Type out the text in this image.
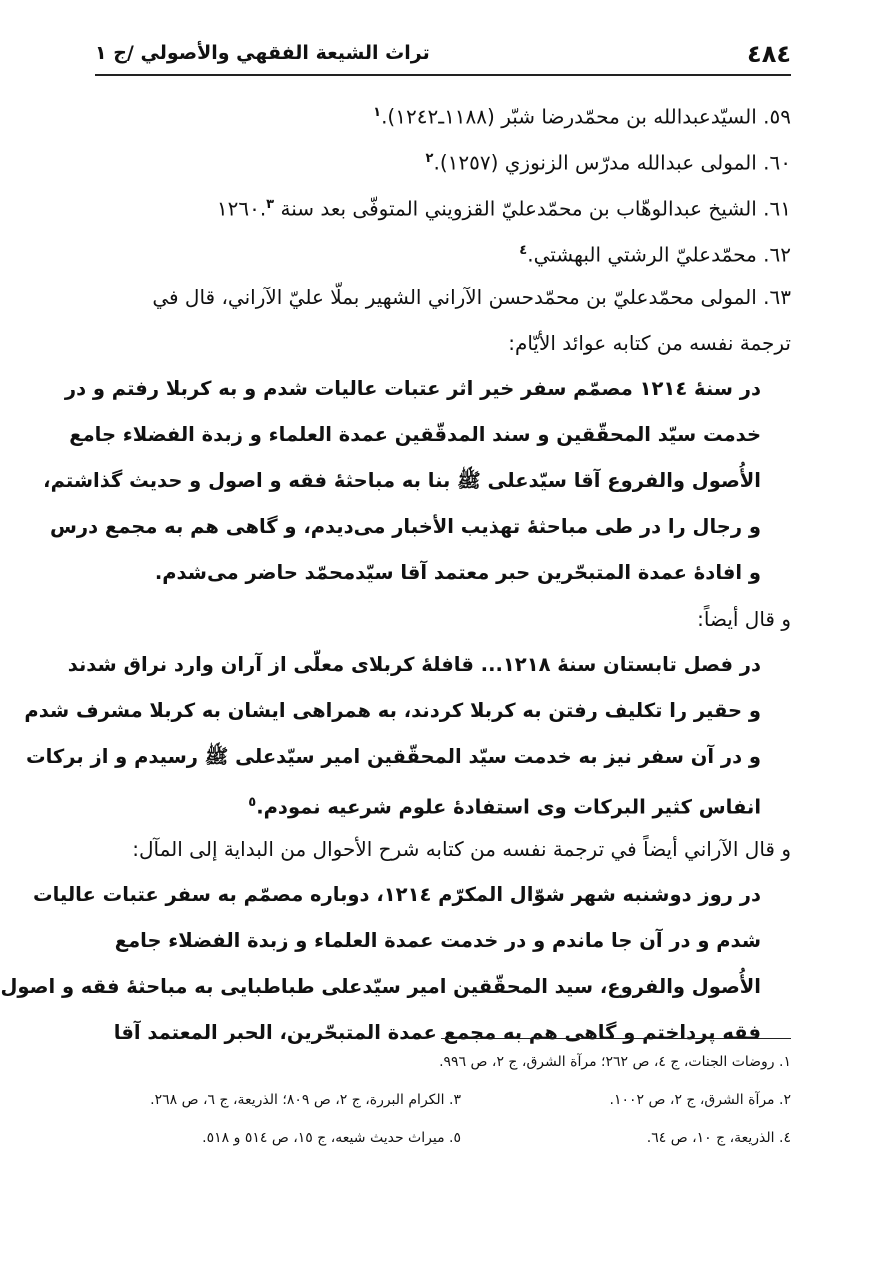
٤٨٤
تراث الشيعة الفقهي والأصولي /ج ١
٥٩. السيّدعبدالله بن محمّدرضا شبّر (١١٨٨ـ١٢٤٢).$^١$
٦٠. المولى عبدالله مدرّس الزنوزي (١٢٥٧).$^٢$
٦١. الشيخ عبدالوهّاب بن محمّدعليّ القزويني المتوفّى بعد سنة ١٢٦٠.$^٣$
٦٢. محمّدعليّ الرشتي البهشتي.$^٤$
٦٣. المولى محمّدعليّ بن محمّدحسن الآراني الشهير بملّا عليّ الآراني، قال في
ترجمة نفسه من كتابه عوائد الأيّام:
در سنهٔ ١٢١٤ مصمّم سفر خير اثر عتبات عاليات شدم و به كربلا رفتم و در
خدمت سيّد المحقّقين و سند المدقّقين عمدة العلماء و زبدة الفضلاء جامع
الأُصول والفروع آقا سيّدعلى ﷺ بنا به مباحثهٔ فقه و اصول و حديث گذاشتم،
و رجال را در طى مباحثهٔ تهذيب الأخبار مى‌ديدم، و گاهى هم به مجمع درس
و افادهٔ عمدة المتبحّرين حبر معتمد آقا سيّدمحمّد حاضر مى‌شدم.
و قال أيضاً:
در فصل تابستان سنهٔ ١٢١٨... قافلهٔ كربلاى معلّى از آران وارد نراق شدند
و حقير را تكليف رفتن به كربلا كردند، به همراهى ايشان به كربلا مشرف شدم
و در آن سفر نيز به خدمت سيّد المحقّقين امير سيّدعلى ﷺ رسيدم و از بركات
انفاس كثير البركات وى استفادهٔ علوم شرعيه نمودم.$^٥$
و قال الآراني أيضاً في ترجمة نفسه من كتابه شرح الأحوال من البداية إلى المآل:
در روز دوشنبه شهر شوّال المكرّم ١٢١٤، دوباره مصمّم به سفر عتبات عاليات
شدم و در آن جا ماندم و در خدمت عمدة العلماء و زبدة الفضلاء جامع
الأُصول والفروع، سيد المحقّقين امير سيّدعلى طباطبايى به مباحثهٔ فقه و اصول
فقه پرداختم و گاهى هم به مجمع عمدة المتبحّرين، الحبر المعتمد آقا
١. روضات الجنات، ج ٤، ص ٢٦٢؛ مرآة الشرق، ج ٢، ص ٩٩٦.
٢. مرآة الشرق، ج ٢، ص ١٠٠٢.
٣. الكرام البررة، ج ٢، ص ٨٠٩؛ الذريعة، ج ٦، ص ٢٦٨.
٤. الذريعة، ج ١٠، ص ٦٤.
٥. ميراث حديث شيعه، ج ١٥، ص ٥١٤ و ٥١٨.
